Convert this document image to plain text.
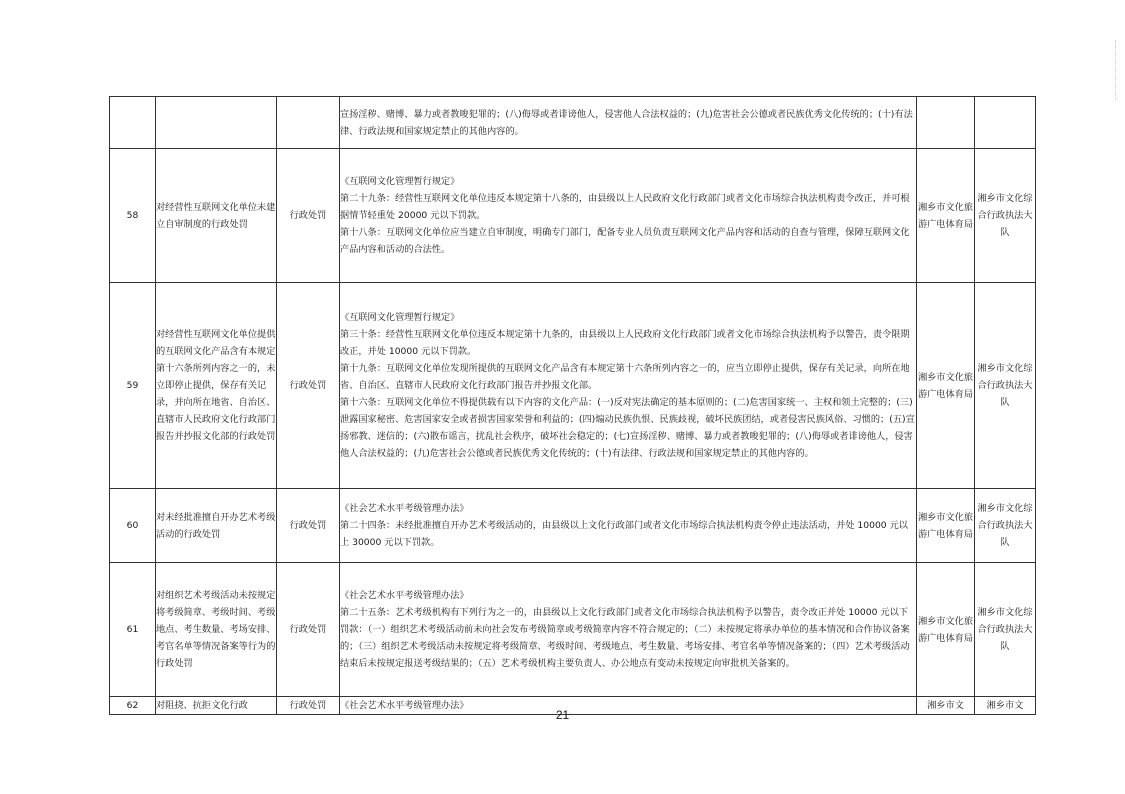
			宣扬淫秽、赌博、暴力或者教唆犯罪的；(八)侮辱或者诽谤他人，侵害他人合法权益的；(九)危害社会公德或者民族优秀文化传统的；(十)有法律、行政法规和国家规定禁止的其他内容的。		

58	对经营性互联网文化单位未建立自审制度的行政处罚	行政处罚	《互联网文化管理暂行规定》
第二十九条：经营性互联网文化单位违反本规定第十八条的，由县级以上人民政府文化行政部门或者文化市场综合执法机构责令改正，并可根据情节轻重处 20000 元以下罚款。
第十八条：互联网文化单位应当建立自审制度，明确专门部门，配备专业人员负责互联网文化产品内容和活动的自查与管理，保障互联网文化产品内容和活动的合法性。	湘乡市文化旅游广电体育局	湘乡市文化综合行政执法大队
59	对经营性互联网文化单位提供的互联网文化产品含有本规定第十六条所列内容之一的，未立即停止提供，保存有关记录，并向所在地省、自治区、直辖市人民政府文化行政部门报告并抄报文化部的行政处罚	行政处罚	《互联网文化管理暂行规定》
第三十条：经营性互联网文化单位违反本规定第十九条的，由县级以上人民政府文化行政部门或者文化市场综合执法机构予以警告，责令限期改正，并处 10000 元以下罚款。
第十九条：互联网文化单位发现所提供的互联网文化产品含有本规定第十六条所列内容之一的，应当立即停止提供，保存有关记录，向所在地省、自治区、直辖市人民政府文化行政部门报告并抄报文化部。
第十六条：互联网文化单位不得提供载有以下内容的文化产品：(一)反对宪法确定的基本原则的；(二)危害国家统一、主权和领土完整的；(三)泄露国家秘密、危害国家安全或者损害国家荣誉和利益的；(四)煽动民族仇恨、民族歧视，破坏民族团结，或者侵害民族风俗、习惯的；(五)宣扬邪教、迷信的；(六)散布谣言，扰乱社会秩序，破坏社会稳定的；(七)宣扬淫秽、赌博、暴力或者教唆犯罪的；(八)侮辱或者诽谤他人，侵害他人合法权益的；(九)危害社会公德或者民族优秀文化传统的；(十)有法律、行政法规和国家规定禁止的其他内容的。	湘乡市文化旅游广电体育局	湘乡市文化综合行政执法大队
60	对未经批准擅自开办艺术考级活动的行政处罚	行政处罚	《社会艺术水平考级管理办法》
第二十四条：未经批准擅自开办艺术考级活动的，由县级以上文化行政部门或者文化市场综合执法机构责令停止违法活动，并处 10000 元以上 30000 元以下罚款。	湘乡市文化旅游广电体育局	湘乡市文化综合行政执法大队
61	对组织艺术考级活动未按规定将考级简章、考级时间、考级地点、考生数量、考场安排、考官名单等情况备案等行为的行政处罚	行政处罚	《社会艺术水平考级管理办法》
第二十五条：艺术考级机构有下列行为之一的，由县级以上文化行政部门或者文化市场综合执法机构予以警告，责令改正并处 10000 元以下罚款：（一）组织艺术考级活动前未向社会发布考级简章或考级简章内容不符合规定的；（二）未按规定将承办单位的基本情况和合作协议备案的；（三）组织艺术考级活动未按规定将考级简章、考级时间、考级地点、考生数量、考场安排、考官名单等情况备案的；（四）艺术考级活动结束后未按规定报送考级结果的；（五）艺术考级机构主要负责人、办公地点有变动未按规定向审批机关备案的。	湘乡市文化旅游广电体育局	湘乡市文化综合行政执法大队
62	对阻挠、抗拒文化行政	行政处罚	《社会艺术水平考级管理办法》	湘乡市文	湘乡市文
21
